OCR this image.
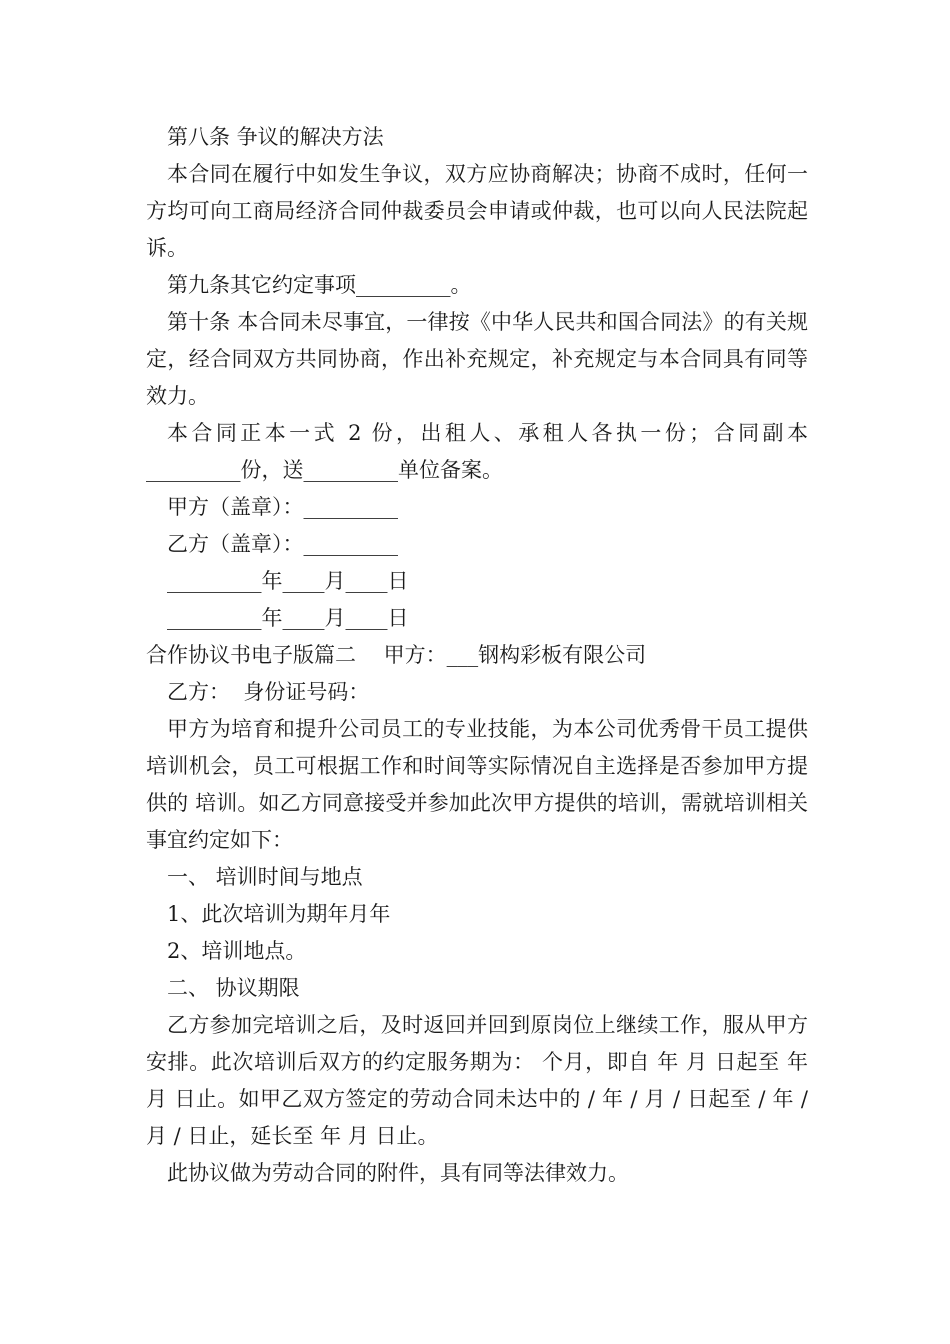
第八条 争议的解决方法

本合同在履行中如发生争议，双方应协商解决；协商不成时，任何一方均可向工商局经济合同仲裁委员会申请或仲裁，也可以向人民法院起诉。

第九条其它约定事项_________。

第十条 本合同未尽事宜，一律按《中华人民共和国合同法》的有关规定，经合同双方共同协商，作出补充规定，补充规定与本合同具有同等效力。

本合同正本一式 2 份，出租人、承租人各执一份；合同副本_________份，送_________单位备案。

甲方（盖章）：_________

乙方（盖章）：_________

_________年____月____日

_________年____月____日

合作协议书电子版篇二　 甲方：___钢构彩板有限公司

乙方：  身份证号码：

甲方为培育和提升公司员工的专业技能，为本公司优秀骨干员工提供培训机会，员工可根据工作和时间等实际情况自主选择是否参加甲方提供的 培训。如乙方同意接受并参加此次甲方提供的培训，需就培训相关事宜约定如下：

一、 培训时间与地点

1、此次培训为期年月年

2、培训地点。

二、 协议期限

乙方参加完培训之后，及时返回并回到原岗位上继续工作，服从甲方安排。此次培训后双方的约定服务期为： 个月，即自 年 月 日起至 年 月 日止。如甲乙双方签定的劳动合同未达中的 / 年 / 月 / 日起至 / 年 / 月 / 日止，延长至 年 月 日止。

此协议做为劳动合同的附件，具有同等法律效力。
